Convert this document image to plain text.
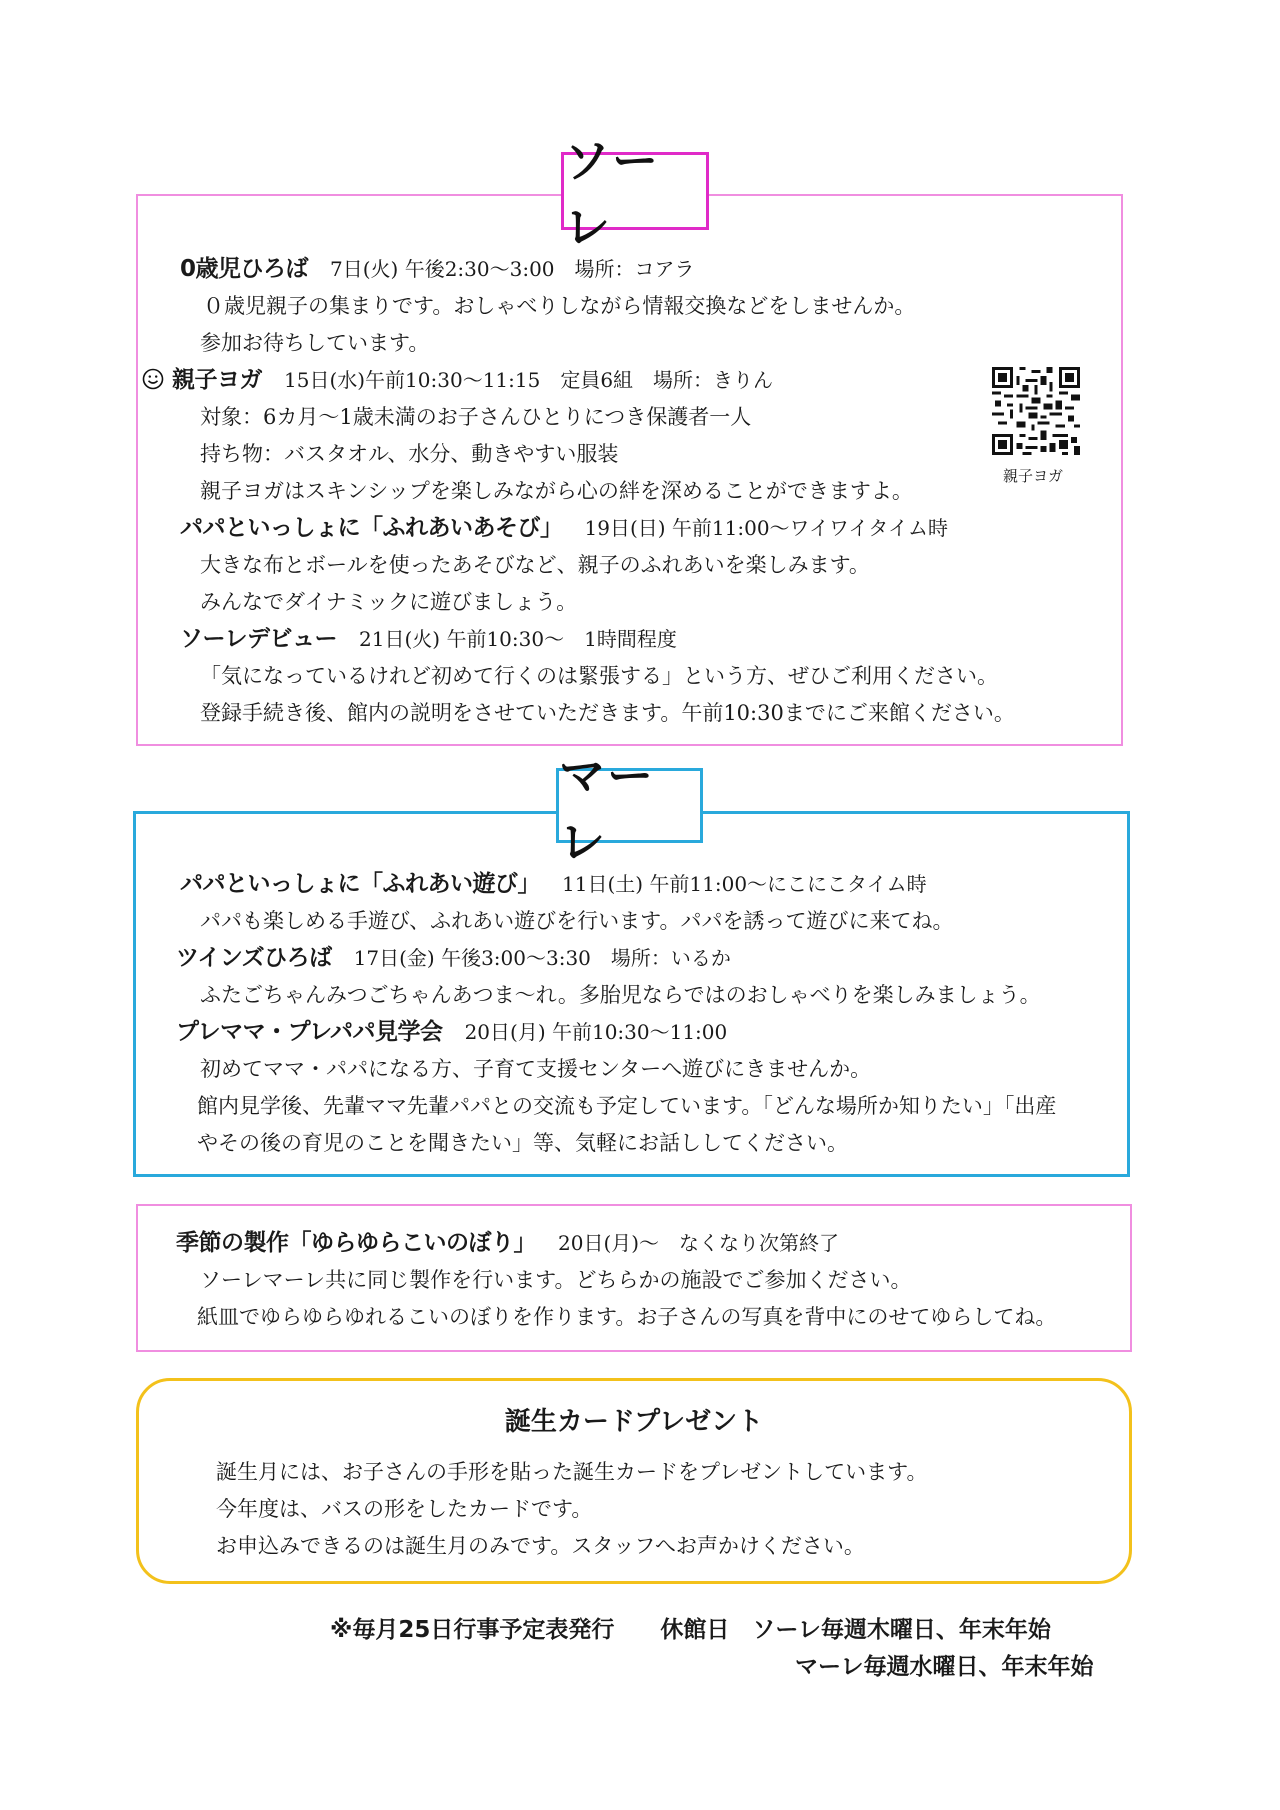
ソーレ
0歳児ひろば 7日(火) 午後2:30〜3:00　場所：コアラ
０歳児親子の集まりです。おしゃべりしながら情報交換などをしませんか。
参加お待ちしています。
親子ヨガ 15日(水)午前10:30〜11:15　定員6組　場所：きりん
対象：6カ月〜1歳未満のお子さんひとりにつき保護者一人
持ち物：バスタオル、水分、動きやすい服装
親子ヨガはスキンシップを楽しみながら心の絆を深めることができますよ。
親子ヨガ
パパといっしょに「ふれあいあそび」 19日(日) 午前11:00〜ワイワイタイム時
大きな布とボールを使ったあそびなど、親子のふれあいを楽しみます。
みんなでダイナミックに遊びましょう。
ソーレデビュー 21日(火) 午前10:30〜　1時間程度
「気になっているけれど初めて行くのは緊張する」という方、ぜひご利用ください。
登録手続き後、館内の説明をさせていただきます。午前10:30までにご来館ください。
マーレ
パパといっしょに「ふれあい遊び」 11日(土) 午前11:00〜にこにこタイム時
パパも楽しめる手遊び、ふれあい遊びを行います。パパを誘って遊びに来てね。
ツインズひろば 17日(金) 午後3:00〜3:30　場所：いるか
ふたごちゃんみつごちゃんあつま〜れ。多胎児ならではのおしゃべりを楽しみましょう。
プレママ・プレパパ見学会 20日(月) 午前10:30〜11:00
初めてママ・パパになる方、子育て支援センターへ遊びにきませんか。
館内見学後、先輩ママ先輩パパとの交流も予定しています。「どんな場所か知りたい」「出産
やその後の育児のことを聞きたい」等、気軽にお話ししてください。
季節の製作「ゆらゆらこいのぼり」 20日(月)〜　なくなり次第終了
ソーレマーレ共に同じ製作を行います。どちらかの施設でご参加ください。
紙皿でゆらゆらゆれるこいのぼりを作ります。お子さんの写真を背中にのせてゆらしてね。
誕生カードプレゼント
誕生月には、お子さんの手形を貼った誕生カードをプレゼントしています。
今年度は、バスの形をしたカードです。
お申込みできるのは誕生月のみです。スタッフへお声かけください。
※毎月25日行事予定表発行　　休館日　ソーレ毎週木曜日、年末年始
マーレ毎週水曜日、年末年始
